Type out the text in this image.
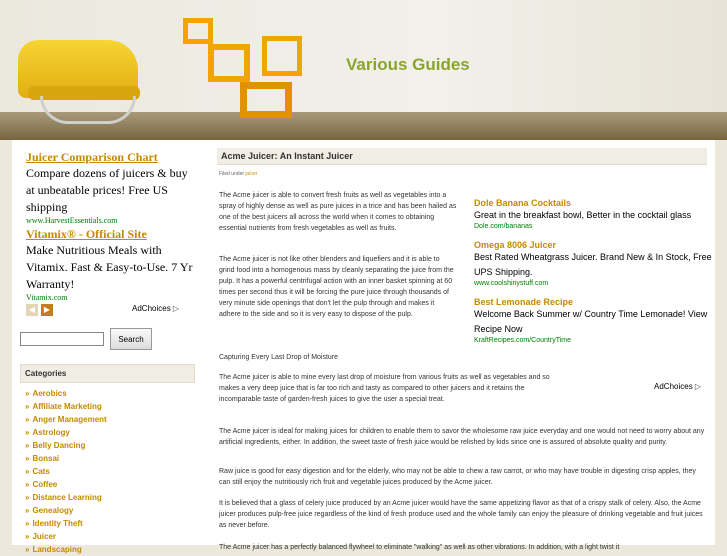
Various Guides
Juicer Comparison Chart
Compare dozens of juicers & buy at unbeatable prices! Free US shipping
www.HarvestEssentials.com
Vitamix® - Official Site
Make Nutritious Meals with Vitamix. Fast & Easy-to-Use. 7 Yr Warranty!
Vitamix.com
◀	▶	AdChoices ▷
Search
Categories
» Aerobics
» Affiliate Marketing
» Anger Management
» Astrology
» Belly Dancing
» Bonsai
» Cats
» Coffee
» Distance Learning
» Genealogy
» Identity Theft
» Juicer
» Landscaping
Acme Juicer: An Instant Juicer
Filed under juicer
The Acme juicer is able to convert fresh fruits as well as vegetables into a spray of highly dense as well as pure juices in a trice and has been hailed as one of the best juicers all across the world when it comes to obtaining essential nutrients from fresh vegetables as well as fruits.
The Acme juicer is not like other blenders and liquefiers and it is able to grind food into a homogenous mass by cleanly separating the juice from the pulp. It has a powerful centrifugal action with an inner basket spinning at 60 times per second thus it will be forcing the pure juice through thousands of very minute side openings that don't let the pulp through and makes it adhere to the side and so it is very easy to dispose of the pulp.
Capturing Every Last Drop of Moisture
The Acme juicer is able to mine every last drop of moisture from various fruits as well as vegetables and so makes a very deep juice that is far too rich and tasty as compared to other juicers and it retains the incomparable taste of garden-fresh juices to give the user a special treat.
The Acme juicer is ideal for making juices for children to enable them to savor the wholesome raw juice everyday and one would not need to worry about any artificial ingredients, either. In addition, the sweet taste of fresh juice would be relished by kids since one is assured of absolute quality and purity.
Raw juice is good for easy digestion and for the elderly, who may not be able to chew a raw carrot, or who may have trouble in digesting crisp apples, they can still enjoy the nutritiously rich fruit and vegetable juices produced by the Acme juicer.
It is believed that a glass of celery juice produced by an Acme juicer would have the same appetizing flavor as that of a crispy stalk of celery. Also, the Acme juicer produces pulp-free juice regardless of the kind of fresh produce used and the whole family can enjoy the pleasure of drinking vegetable and fruit juices as never before.
The Acme juicer has a perfectly balanced flywheel to eliminate "walking" as well as other vibrations. In addition, with a light twist it
Dole Banana Cocktails
Great in the breakfast bowl, Better in the cocktail glass
Dole.com/bananas
Omega 8006 Juicer
Best Rated Wheatgrass Juicer. Brand New & In Stock, Free UPS Shipping.
www.coolshinystuff.com
Best Lemonade Recipe
Welcome Back Summer w/ Country Time Lemonade! View Recipe Now
KraftRecipes.com/CountryTime
AdChoices ▷
